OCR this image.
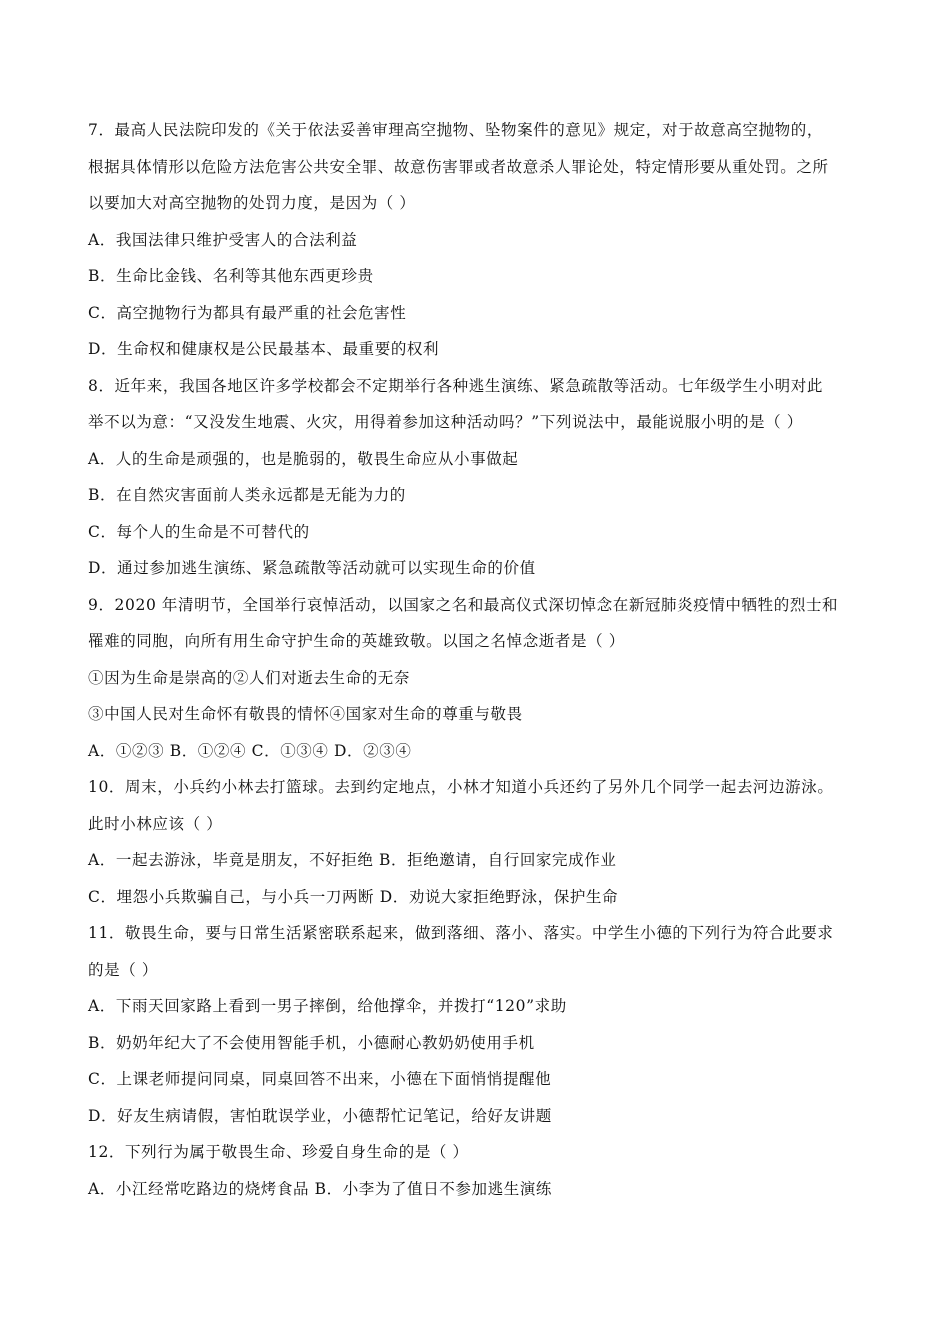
7．最高人民法院印发的《关于依法妥善审理高空抛物、坠物案件的意见》规定，对于故意高空抛物的，
根据具体情形以危险方法危害公共安全罪、故意伤害罪或者故意杀人罪论处，特定情形要从重处罚。之所
以要加大对高空抛物的处罚力度，是因为（ ）
A．我国法律只维护受害人的合法利益
B．生命比金钱、名利等其他东西更珍贵
C．高空抛物行为都具有最严重的社会危害性
D．生命权和健康权是公民最基本、最重要的权利
8．近年来，我国各地区许多学校都会不定期举行各种逃生演练、紧急疏散等活动。七年级学生小明对此
举不以为意：“又没发生地震、火灾，用得着参加这种活动吗？”下列说法中，最能说服小明的是（ ）
A．人的生命是顽强的，也是脆弱的，敬畏生命应从小事做起
B．在自然灾害面前人类永远都是无能为力的
C．每个人的生命是不可替代的
D．通过参加逃生演练、紧急疏散等活动就可以实现生命的价值
9．2020 年清明节，全国举行哀悼活动，以国家之名和最高仪式深切悼念在新冠肺炎疫情中牺牲的烈士和
罹难的同胞，向所有用生命守护生命的英雄致敬。以国之名悼念逝者是（ ）
①因为生命是崇高的②人们对逝去生命的无奈
③中国人民对生命怀有敬畏的情怀④国家对生命的尊重与敬畏
A．①②③ B．①②④ C．①③④ D．②③④
10．周末，小兵约小林去打篮球。去到约定地点，小林才知道小兵还约了另外几个同学一起去河边游泳。
此时小林应该（ ）
A．一起去游泳，毕竟是朋友，不好拒绝 B．拒绝邀请，自行回家完成作业
C．埋怨小兵欺骗自己，与小兵一刀两断 D．劝说大家拒绝野泳，保护生命
11．敬畏生命，要与日常生活紧密联系起来，做到落细、落小、落实。中学生小德的下列行为符合此要求
的是（ ）
A．下雨天回家路上看到一男子摔倒，给他撑伞，并拨打“120”求助
B．奶奶年纪大了不会使用智能手机，小德耐心教奶奶使用手机
C．上课老师提问同桌，同桌回答不出来，小德在下面悄悄提醒他
D．好友生病请假，害怕耽误学业，小德帮忙记笔记，给好友讲题
12．下列行为属于敬畏生命、珍爱自身生命的是（ ）
A．小江经常吃路边的烧烤食品 B．小李为了值日不参加逃生演练
